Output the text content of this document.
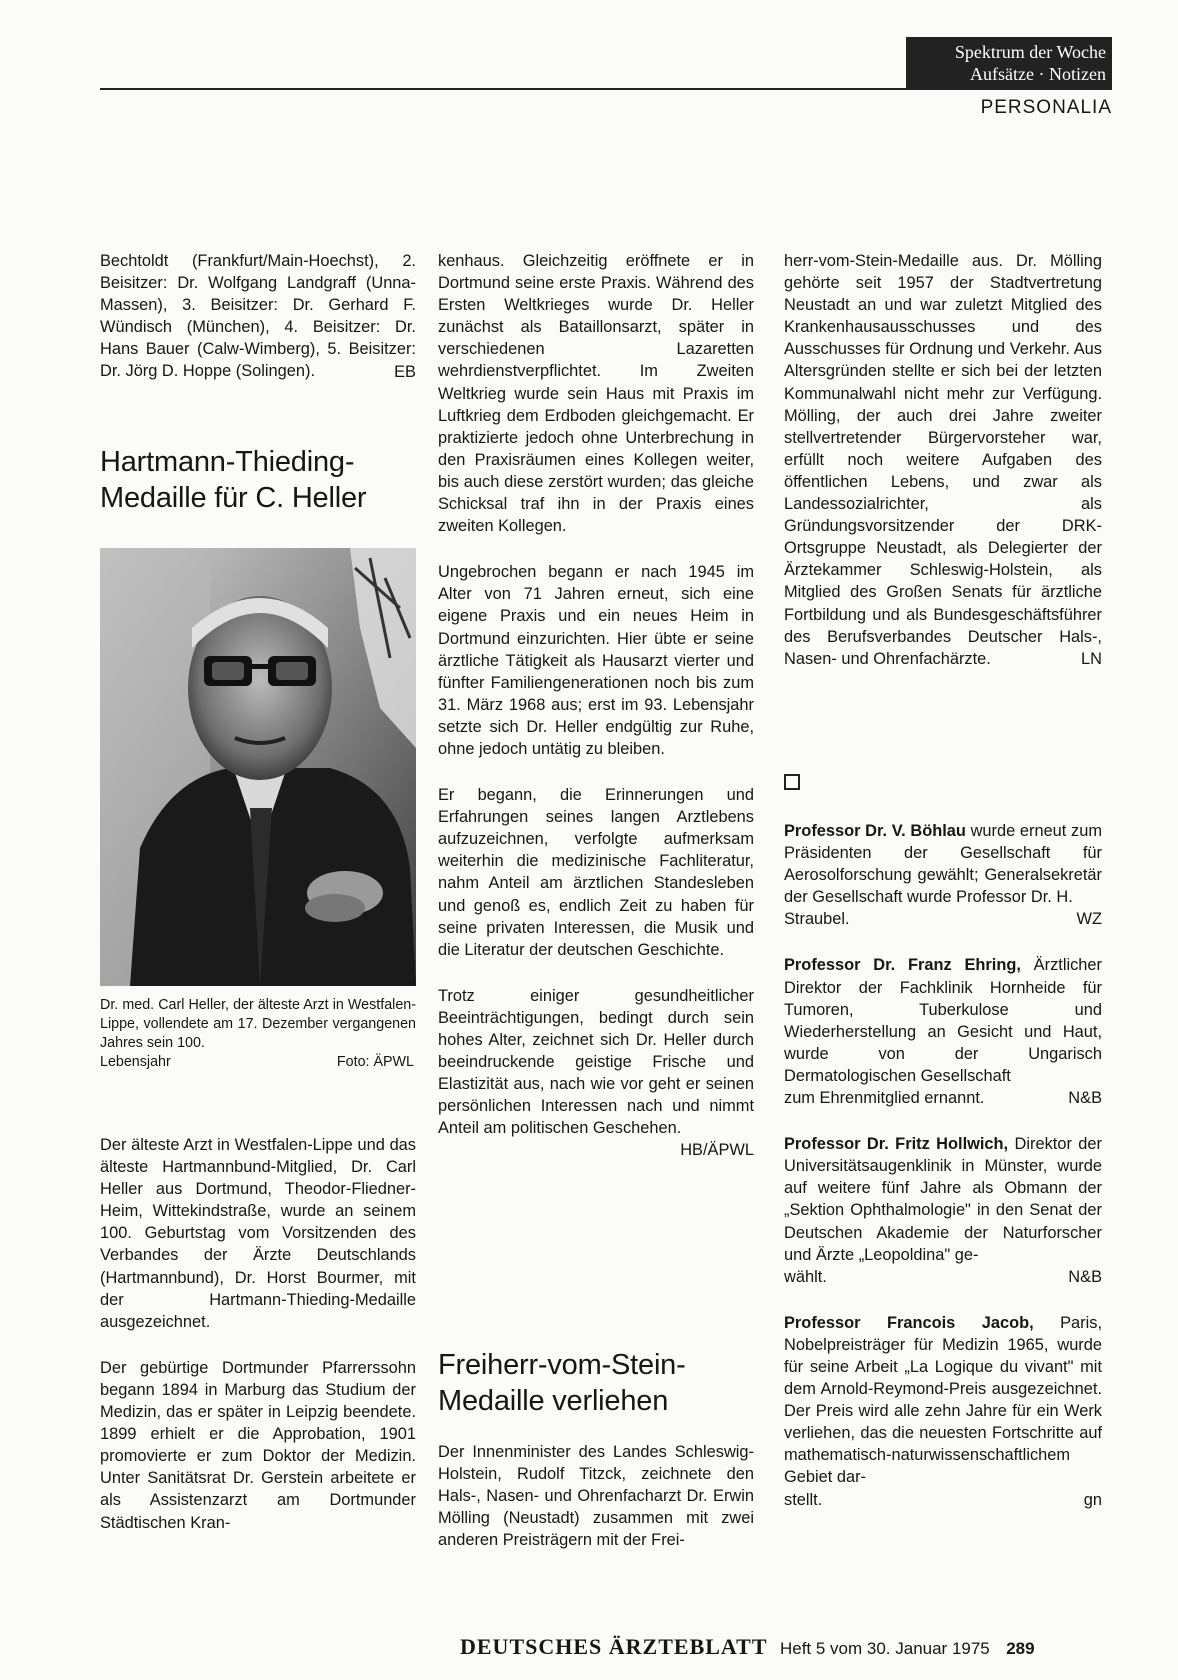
Spektrum der Woche
Aufsätze · Notizen
PERSONALIA

Bechtoldt (Frankfurt/Main-Hoechst), 2. Beisitzer: Dr. Wolfgang Landgraff (Unna-Massen), 3. Beisitzer: Dr. Gerhard F. Wündisch (München), 4. Beisitzer: Dr. Hans Bauer (Calw-Wimberg), 5. Beisitzer: Dr. Jörg D. Hoppe (Solingen).	EB

Hartmann-Thieding-Medaille für C. Heller
Dr. med. Carl Heller, der älteste Arzt in Westfalen-Lippe, vollendete am 17. Dezember vergangenen Jahres sein 100.
Lebensjahr	Foto: ÄPWL

Der älteste Arzt in Westfalen-Lippe und das älteste Hartmannbund-Mitglied, Dr. Carl Heller aus Dortmund, Theodor-Fliedner-Heim, Wittekindstraße, wurde an seinem 100. Geburtstag vom Vorsitzenden des Verbandes der Ärzte Deutschlands (Hartmannbund), Dr. Horst Bourmer, mit der Hartmann-Thieding-Medaille ausgezeichnet.

Der gebürtige Dortmunder Pfarrerssohn begann 1894 in Marburg das Studium der Medizin, das er später in Leipzig beendete. 1899 erhielt er die Approbation, 1901 promovierte er zum Doktor der Medizin. Unter Sanitätsrat Dr. Gerstein arbeitete er als Assistenzarzt am Dortmunder Städtischen Kran-

kenhaus. Gleichzeitig eröffnete er in Dortmund seine erste Praxis. Während des Ersten Weltkrieges wurde Dr. Heller zunächst als Bataillonsarzt, später in verschiedenen Lazaretten wehrdienstverpflichtet. Im Zweiten Weltkrieg wurde sein Haus mit Praxis im Luftkrieg dem Erdboden gleichgemacht. Er praktizierte jedoch ohne Unterbrechung in den Praxisräumen eines Kollegen weiter, bis auch diese zerstört wurden; das gleiche Schicksal traf ihn in der Praxis eines zweiten Kollegen.

Ungebrochen begann er nach 1945 im Alter von 71 Jahren erneut, sich eine eigene Praxis und ein neues Heim in Dortmund einzurichten. Hier übte er seine ärztliche Tätigkeit als Hausarzt vierter und fünfter Familiengenerationen noch bis zum 31. März 1968 aus; erst im 93. Lebensjahr setzte sich Dr. Heller endgültig zur Ruhe, ohne jedoch untätig zu bleiben.

Er begann, die Erinnerungen und Erfahrungen seines langen Arztlebens aufzuzeichnen, verfolgte aufmerksam weiterhin die medizinische Fachliteratur, nahm Anteil am ärztlichen Standesleben und genoß es, endlich Zeit zu haben für seine privaten Interessen, die Musik und die Literatur der deutschen Geschichte.

Trotz einiger gesundheitlicher Beeinträchtigungen, bedingt durch sein hohes Alter, zeichnet sich Dr. Heller durch beeindruckende geistige Frische und Elastizität aus, nach wie vor geht er seinen persönlichen Interessen nach und nimmt Anteil am politischen Geschehen.
HB/ÄPWL

Freiherr-vom-Stein-Medaille verliehen

Der Innenminister des Landes Schleswig-Holstein, Rudolf Titzck, zeichnete den Hals-, Nasen- und Ohrenfacharzt Dr. Erwin Mölling (Neustadt) zusammen mit zwei anderen Preisträgern mit der Frei-

herr-vom-Stein-Medaille aus. Dr. Mölling gehörte seit 1957 der Stadtvertretung Neustadt an und war zuletzt Mitglied des Krankenhausausschusses und des Ausschusses für Ordnung und Verkehr. Aus Altersgründen stellte er sich bei der letzten Kommunalwahl nicht mehr zur Verfügung. Mölling, der auch drei Jahre zweiter stellvertretender Bürgervorsteher war, erfüllt noch weitere Aufgaben des öffentlichen Lebens, und zwar als Landessozialrichter, als Gründungsvorsitzender der DRK-Ortsgruppe Neustadt, als Delegierter der Ärztekammer Schleswig-Holstein, als Mitglied des Großen Senats für ärztliche Fortbildung und als Bundesgeschäftsführer des Berufsverbandes Deutscher Hals-, Nasen- und Ohrenfachärzte.	LN

Professor Dr. V. Böhlau wurde erneut zum Präsidenten der Gesellschaft für Aerosolforschung gewählt; Generalsekretär der Gesellschaft wurde Professor Dr. H.
Straubel.	WZ

Professor Dr. Franz Ehring, Ärztlicher Direktor der Fachklinik Hornheide für Tumoren, Tuberkulose und Wiederherstellung an Gesicht und Haut, wurde von der Ungarisch Dermatologischen Gesellschaft
zum Ehrenmitglied ernannt.	N&B

Professor Dr. Fritz Hollwich, Direktor der Universitätsaugenklinik in Münster, wurde auf weitere fünf Jahre als Obmann der „Sektion Ophthalmologie" in den Senat der Deutschen Akademie der Naturforscher und Ärzte „Leopoldina" ge-
wählt.	N&B

Professor Francois Jacob, Paris, Nobelpreisträger für Medizin 1965, wurde für seine Arbeit „La Logique du vivant" mit dem Arnold-Reymond-Preis ausgezeichnet. Der Preis wird alle zehn Jahre für ein Werk verliehen, das die neuesten Fortschritte auf mathematisch-naturwissenschaftlichem Gebiet dar-
stellt.	gn

DEUTSCHES ÄRZTEBLATT Heft 5 vom 30. Januar 1975 289
